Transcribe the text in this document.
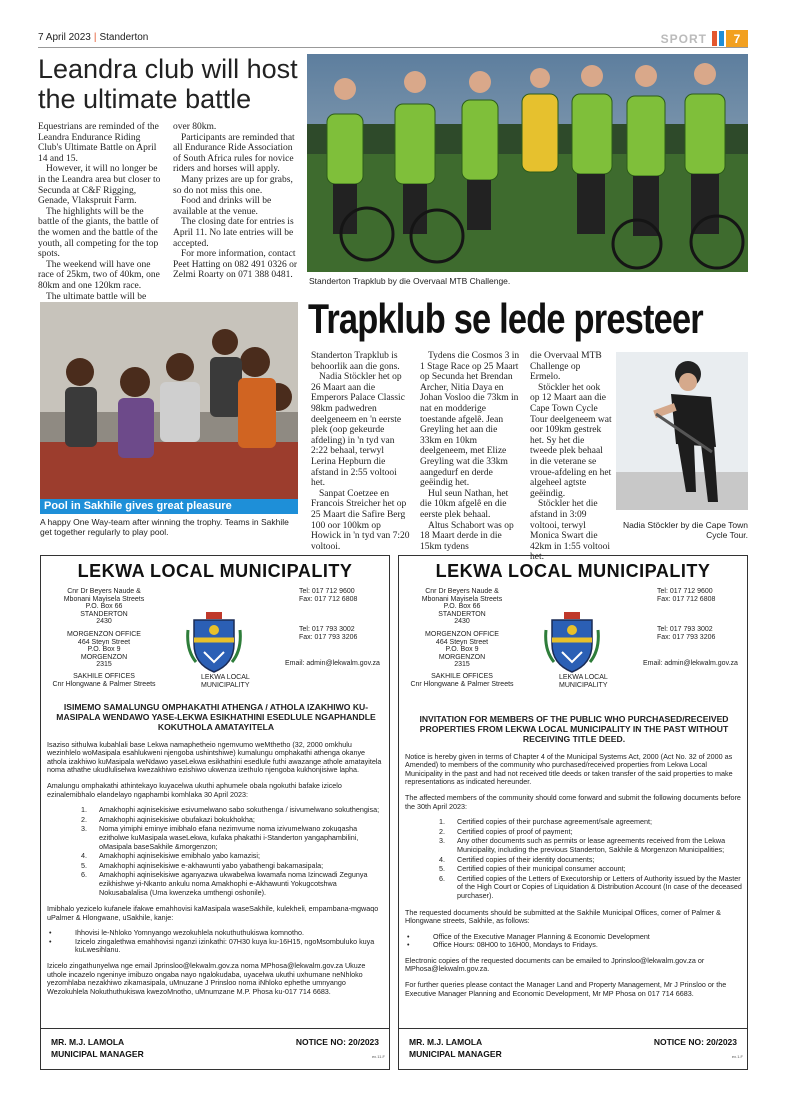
7 April 2023 | Standerton	SPORT	7
Leandra club will host the ultimate battle

Equestrians are reminded of the Leandra Endurance Riding Club's Ultimate Battle on April 14 and 15.

However, it will no longer be in the Leandra area but closer to Secunda at C&F Rigging, Genade, Vlakspruit Farm.

The highlights will be the battle of the giants, the battle of the women and the battle of the youth, all competing for the top spots.

The weekend will have one race of 25km, two of 40km, one 80km and one 120km race.

The ultimate battle will be

over 80km.

Participants are reminded that all Endurance Ride Association of South Africa rules for novice riders and horses will apply.

Many prizes are up for grabs, so do not miss this one.

Food and drinks will be available at the venue.

The closing date for entries is April 11. No late entries will be accepted.

For more information, contact Peet Hatting on 082 491 0326 or Zelmi Roarty on 071 388 0481.

Standerton Trapklub by die Overvaal MTB Challenge.
Trapklub se lede presteer

Standerton Trapklub is behoorlik aan die gons.

Nadia Stöckler het op 26 Maart aan die Emperors Palace Classic 98km padwedren deelgeneem en 'n eerste plek (oop gekeurde afdeling) in 'n tyd van 2:22 behaal, terwyl Lerina Hepburn die afstand in 2:55 voltooi het.

Sanpat Coetzee en Francois Streicher het op 25 Maart die Safire Berg 100 oor 100km op Howick in 'n tyd van 7:20 voltooi.

Tydens die Cosmos 3 in 1 Stage Race op 25 Maart op Secunda het Brendan Archer, Nitia Daya en Johan Vosloo die 73km in nat en modderige toestande afgelê. Jean Greyling het aan die 33km en 10km deelgeneem, met Elize Greyling wat die 33km aangedurf en derde geëindig het.

Hul seun Nathan, het die 10km afgelê en die eerste plek behaal.

Altus Schabort was op 18 Maart derde in die 15km tydens

die Overvaal MTB Challenge op Ermelo.

Stöckler het ook op 12 Maart aan die Cape Town Cycle Tour deelgeneem wat oor 109km gestrek het. Sy het die tweede plek behaal in die veterane se vroue-afdeling en het algeheel agtste geëindig.

Stöckler het die afstand in 3:09 voltooi, terwyl Monica Swart die 42km in 1:55 voltooi het.

Nadia Stöckler by die Cape Town Cycle Tour.
Pool in Sakhile gives great pleasure
A happy One Way-team after winning the trophy. Teams in Sakhile get together regularly to play pool.
LEKWA LOCAL MUNICIPALITY
Cnr Dr Beyers Naude &
Mbonani Mayisela Streets
P.O. Box 66
STANDERTON
2430
MORGENZON OFFICE
464 Steyn Street
P.O. Box 9
MORGENZON
2315
SAKHILE OFFICES
Cnr Hlongwane & Palmer Streets
LEKWA LOCAL
MUNICIPALITY
Tel: 017 712 9600
Fax: 017 712 6808
Tel: 017 793 3002
Fax: 017 793 3206
Email: admin@lekwalm.gov.za
ISIMEMO SAMALUNGU OMPHAKATHI ATHENGA / ATHOLA IZAKHIWO KU-MASIPALA WENDAWO YASE-LEKWA ESIKHATHINI ESEDLULE NGAPHANDLE KOKUTHOLA AMATAYITELA

Isaziso sithulwa kubahlali base Lekwa namaphetheio ngemvumo weMthetho (32, 2000 omkhulu wezinhlelo woMasipala esahlukweni njengoba ushintshiwe) kumalungu omphakathi athenga okanye athola izakhiwo kuMasipala weNdawo yaseLekwa esikhathini esedlule futhi awazange athole amatayitela noma athathe ukudluliselwa kwezakhiwo ezishiwo ukwenza izethulo njengoba kukhonjisiwe lapha.

Amalungu omphakathi athintekayo kuyacelwa ukuthi aphumele obala ngokuthi bafake izicelo ezinalemibhalo elandelayo ngaphambi komhlaka 30 April 2023:

1. Amakhophi aqinisekisiwe esivumelwano sabo sokuthenga / isivumelwano sokuthengisa;
2. Amakhophi aqinisekisiwe obufakazi bokukhokha;
3. Noma yimiphi eminye imibhalo efana nezimvume noma izivumelwano zokuqasha ezitholwe kuMasipala waseLekwa, kufaka phakathi i-Standerton yangaphambilini, oMasipala baseSakhile &morgenzon;
4. Amakhophi aqinisekisiwe emibhalo yabo kamazisi;
5. Amakhophi aqinisekisiwe e-akhawunti yabo yabathengi bakamasipala;
6. Amakhophi aqinisekisiwe aganyazwa ukwabelwa kwamafa noma Izincwadi Zegunya ezikhishwe yi-Nkanto ankulu noma Amakhophi e-Akhawunti Yokugcotshwa Nokusabalalisa (Uma kwenzeka umthengi oshonile).

Imibhalo yezicelo kufanele ifakwe emahhovisi kaMasipala waseSakhile, kulekheli, empambana-mgwaqo uPalmer & Hlongwane, uSakhile, kanje:

•	Ihhovisi le-Nhloko Yomnyango wezokuhlela nokuthuthukiswa komnotho.
•	Izicelo zingalethwa emahhovisi nganzi izinkathi: 07H30 kuya ku-16H15, ngoMsombuluko kuya kuLwesihlanu.

Izicelo zingathunyelwa nge email Jprinsloo@lekwalm.gov.za noma MPhosa@lekwalm.gov.za Ukuze uthole incazelo ngeninye imibuzo ongaba nayo ngalokudaba, uyacelwa ukuthi uxhumane neNhloko yezomhlaba nezakhiwo zikamasipala, uMnuzane J Prinsloo noma iNhloko ephethe umnyango Wezokuhlela Nokuthuthukiswa kwezoMnotho, uMnumzane M.P. Phosa ku-017 714 6683.

MR. M.J. LAMOLA
MUNICIPAL MANAGER
NOTICE NO: 20/2023
ex.11.F
LEKWA LOCAL MUNICIPALITY
Cnr Dr Beyers Naude &
Mbonani Mayisela Streets
P.O. Box 66
STANDERTON
2430
MORGENZON OFFICE
464 Steyn Street
P.O. Box 9
MORGENZON
2315
SAKHILE OFFICES
Cnr Hlongwane & Palmer Streets
LEKWA LOCAL
MUNICIPALITY
Tel: 017 712 9600
Fax: 017 712 6808
Tel: 017 793 3002
Fax: 017 793 3206
Email: admin@lekwalm.gov.za
INVITATION FOR MEMBERS OF THE PUBLIC WHO PURCHASED/RECEIVED PROPERTIES FROM LEKWA LOCAL MUNICIPALITY IN THE PAST WITHOUT RECEIVING TITLE DEED.

Notice is hereby given in terms of Chapter 4 of the Municipal Systems Act, 2000 (Act No. 32 of 2000 as Amended) to members of the community who purchased/received properties from Lekwa Local Municipality in the past and had not received title deeds or taken transfer of the said properties to make representations as indicated hereunder.

The affected members of the community should come forward and submit the following documents before the 30th April 2023:

1. Certified copies of their purchase agreement/sale agreement;
2. Certified copies of proof of payment;
3. Any other documents such as permits or lease agreements received from the Lekwa Municipality, including the previous Standerton, Sakhile & Morgenzon Municipalities;
4. Certified copies of their identity documents;
5. Certified copies of their municipal consumer account;
6. Certified copies of the Letters of Executorship or Letters of Authority issued by the Master of the High Court or Copies of Liquidation & Distribution Account (In case of the deceased purchaser).

The requested documents should be submitted at the Sakhile Municipal Offices, corner of Palmer & Hlongwane streets, Sakhile, as follows:

•	Office of the Executive Manager Planning & Economic Development
•	Office Hours: 08H00 to 16H00, Mondays to Fridays.

Electronic copies of the requested documents can be emailed to Jprinsloo@lekwalm.gov.za or MPhosa@lekwalm.gov.za.

For further queries please contact the Manager Land and Property Management, Mr J Prinsloo or the Executive Manager Planning and Economic Development, Mr MP Phosa on 017 714 6683.

MR. M.J. LAMOLA
MUNICIPAL MANAGER
NOTICE NO: 20/2023
ex.1.F
